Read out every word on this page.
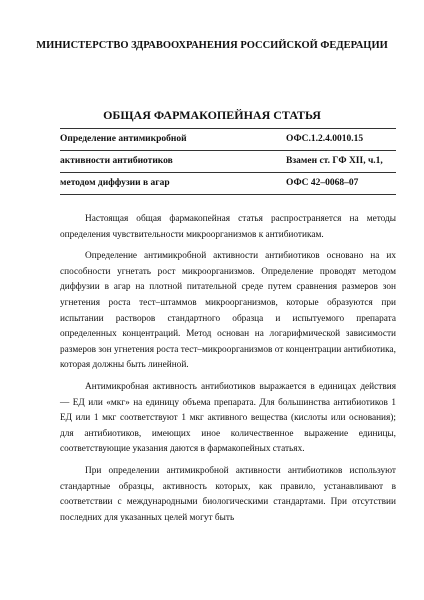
МИНИСТЕРСТВО ЗДРАВООХРАНЕНИЯ РОССИЙСКОЙ ФЕДЕРАЦИИ
ОБЩАЯ ФАРМАКОПЕЙНАЯ СТАТЬЯ
Определение антимикробной	ОФС.1.2.4.0010.15
активности антибиотиков	Взамен ст. ГФ XII, ч.1,
методом диффузии в агар	ОФС 42–0068–07

Настоящая общая фармакопейная статья распространяется на методы определения чувствительности микроорганизмов к антибиотикам.

Определение антимикробной активности антибиотиков основано на их способности угнетать рост микроорганизмов. Определение проводят методом диффузии в агар на плотной питательной среде путем сравнения размеров зон угнетения роста тест–штаммов микроорганизмов, которые образуются при испытании растворов стандартного образца и испытуемого препарата определенных концентраций. Метод основан на логарифмической зависимости размеров зон угнетения роста тест–микроорганизмов от концентрации антибиотика, которая должны быть линейной.

Антимикробная активность антибиотиков выражается в единицах действия — ЕД или «мкг» на единицу объема препарата. Для большинства антибиотиков 1 ЕД или 1 мкг соответствуют 1 мкг активного вещества (кислоты или основания); для антибиотиков, имеющих иное количественное выражение единицы, соответствующие указания даются в фармакопейных статьях.

При определении антимикробной активности антибиотиков используют стандартные образцы, активность которых, как правило, устанавливают в соответствии с международными биологическими стандартами. При отсутствии последних для указанных целей могут быть
